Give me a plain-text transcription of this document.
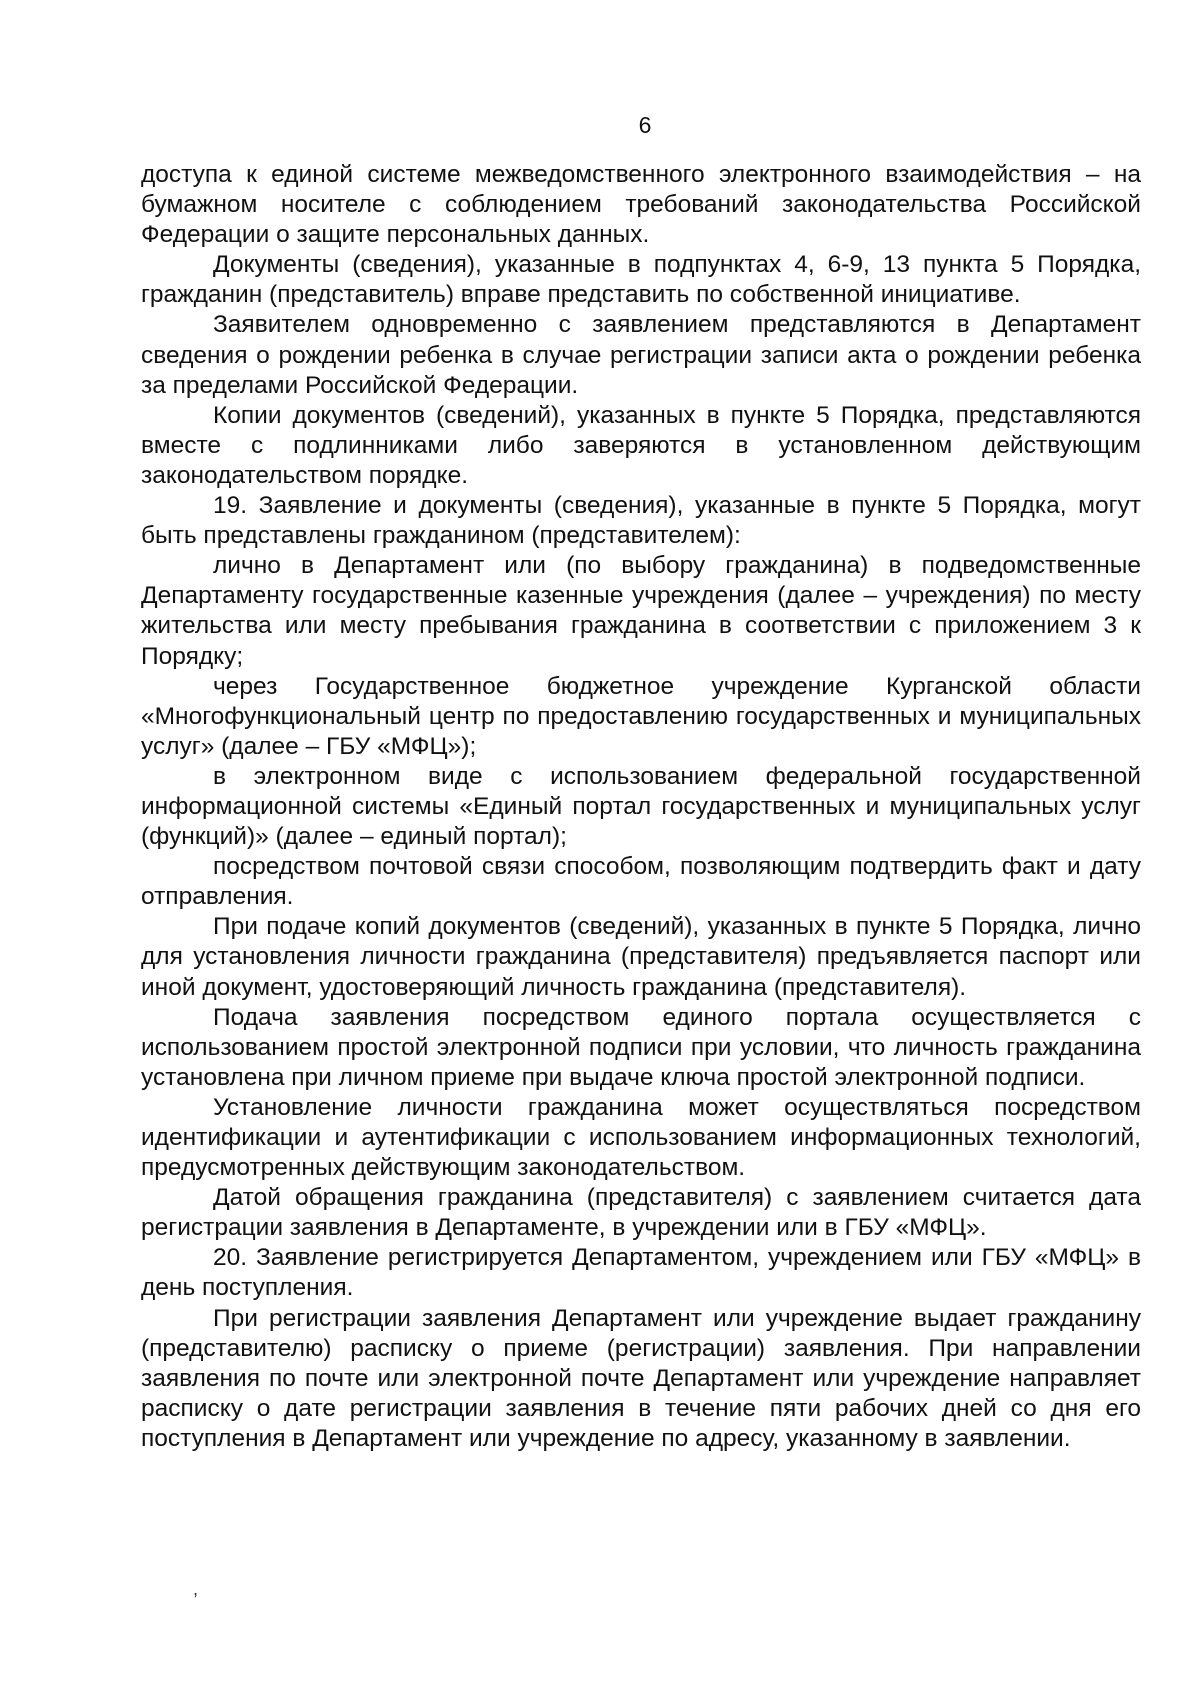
6

доступа к единой системе межведомственного электронного взаимодействия – на бумажном носителе с соблюдением требований законодательства Российской Федерации о защите персональных данных.

Документы (сведения), указанные в подпунктах 4, 6-9, 13 пункта 5 Порядка, гражданин (представитель) вправе представить по собственной инициативе.

Заявителем одновременно с заявлением представляются в Департамент сведения о рождении ребенка в случае регистрации записи акта о рождении ребенка за пределами Российской Федерации.

Копии документов (сведений), указанных в пункте 5 Порядка, представляются вместе с подлинниками либо заверяются в установленном действующим законодательством порядке.

19. Заявление и документы (сведения), указанные в пункте 5 Порядка, могут быть представлены гражданином (представителем):

лично в Департамент или (по выбору гражданина) в подведомственные Департаменту государственные казенные учреждения (далее – учреждения) по месту жительства или месту пребывания гражданина в соответствии с приложением 3 к Порядку;

через Государственное бюджетное учреждение Курганской области «Многофункциональный центр по предоставлению государственных и муниципальных услуг» (далее – ГБУ «МФЦ»);

в электронном виде с использованием федеральной государственной информационной системы «Единый портал государственных и муниципальных услуг (функций)» (далее – единый портал);

посредством почтовой связи способом, позволяющим подтвердить факт и дату отправления.

При подаче копий документов (сведений), указанных в пункте 5 Порядка, лично для установления личности гражданина (представителя) предъявляется паспорт или иной документ, удостоверяющий личность гражданина (представителя).

Подача заявления посредством единого портала осуществляется с использованием простой электронной подписи при условии, что личность гражданина установлена при личном приеме при выдаче ключа простой электронной подписи.

Установление личности гражданина может осуществляться посредством идентификации и аутентификации с использованием информационных технологий, предусмотренных действующим законодательством.

Датой обращения гражданина (представителя) с заявлением считается дата регистрации заявления в Департаменте, в учреждении или в ГБУ «МФЦ».

20. Заявление регистрируется Департаментом, учреждением или ГБУ «МФЦ» в день поступления.

При регистрации заявления Департамент или учреждение выдает гражданину (представителю) расписку о приеме (регистрации) заявления. При направлении заявления по почте или электронной почте Департамент или учреждение направляет расписку о дате регистрации заявления в течение пяти рабочих дней со дня его поступления в Департамент или учреждение по адресу, указанному в заявлении.

,
